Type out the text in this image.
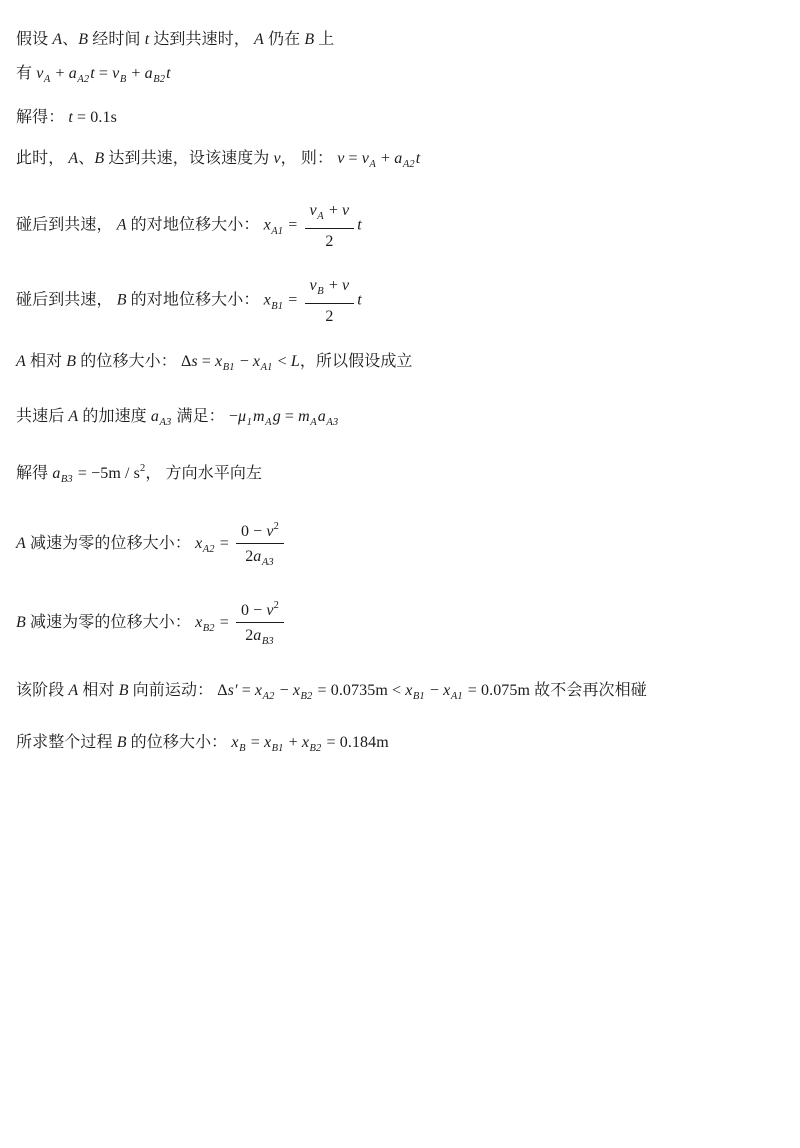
假设 A、B 经时间 t 达到共速时， A 仍在 B 上
有 $v_A + a_{A2}t = v_B + a_{B2}t$
解得： t = 0.1s
此时， A、B 达到共速，设该速度为 v， 则： $v = v_A + a_{A2}t$
碰后到共速， A 的对地位移大小： $x_{A1} = \frac{v_A + v}{2}$ t
碰后到共速， B 的对地位移大小： $x_{B1} = \frac{v_B + v}{2}$ t
A 相对 B 的位移大小： $\Delta s = x_{B1} - x_{A1} < L$，所以假设成立
共速后 A 的加速度 $a_{A3}$ 满足： $-\mu_1m_Ag = m_Aa_{A3}$
解得 $a_{B3} = -5m / s^2$， 方向水平向左
A 减速为零的位移大小： $x_{A2} = \frac{0 - v^2}{2a_{A3}}$
B 减速为零的位移大小： $x_{B2} = \frac{0 - v^2}{2a_{B3}}$
该阶段 A 相对 B 向前运动： $\Delta s' = x_{A2} - x_{B2} = 0.0735m < x_{B1} - x_{A1} = 0.075m$ 故不会再次相碰
所求整个过程 B 的位移大小： $x_B = x_{B1} + x_{B2} = 0.184m$
